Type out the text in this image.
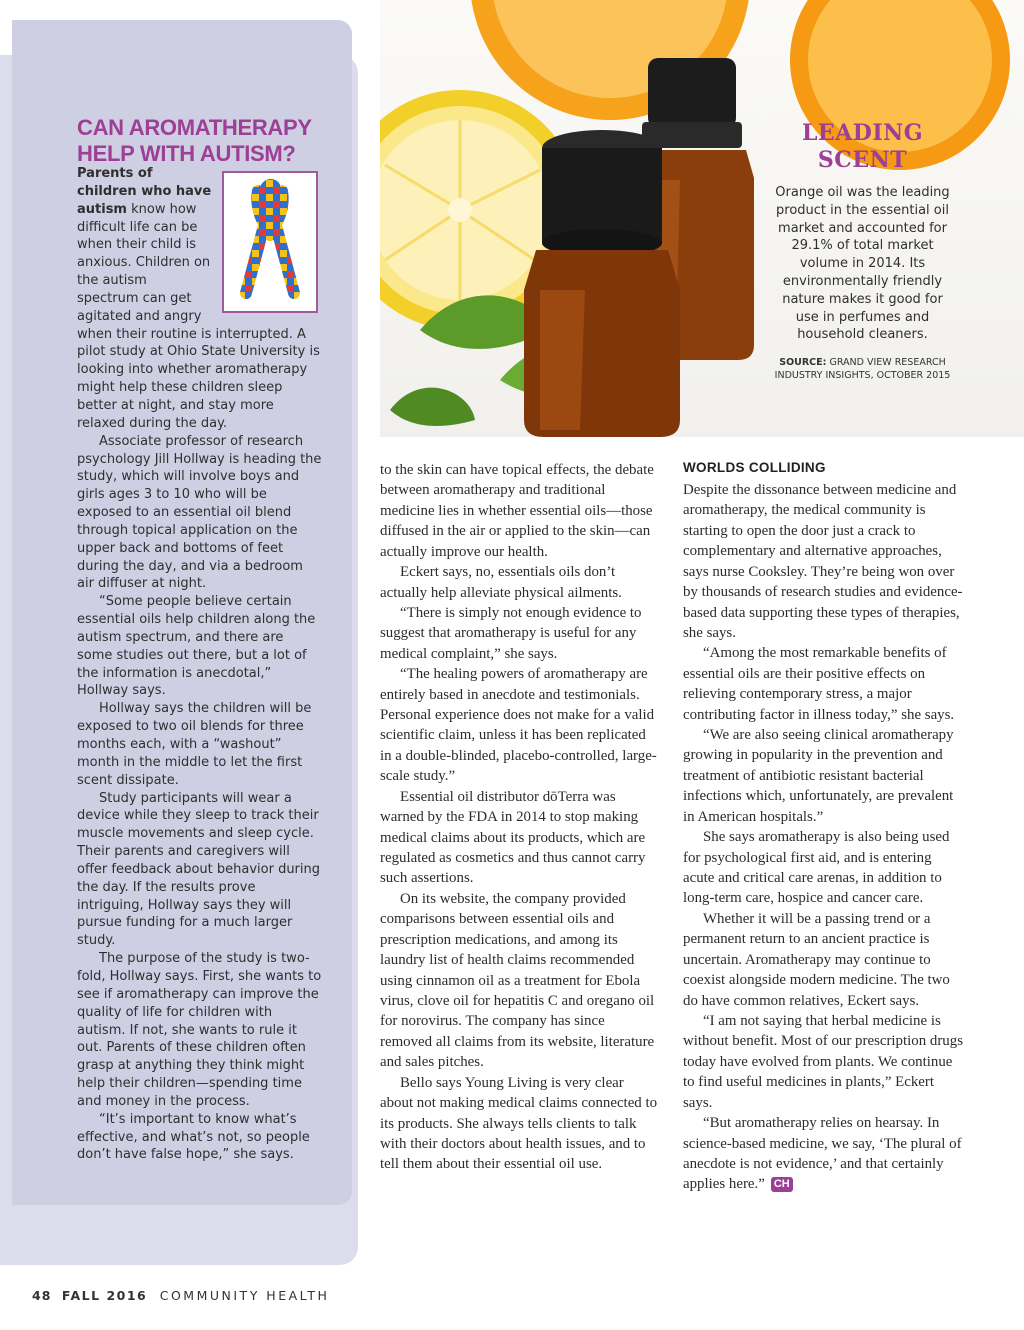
CAN AROMATHERAPY HELP WITH AUTISM?

Parents of children who have autism know how difficult life can be when their child is anxious. Children on the autism spectrum can get agitated and angry when their routine is interrupted. A pilot study at Ohio State University is looking into whether aromatherapy might help these children sleep better at night, and stay more relaxed during the day.

Associate professor of research psychology Jill Hollway is heading the study, which will involve boys and girls ages 3 to 10 who will be exposed to an essential oil blend through topical application on the upper back and bottoms of feet during the day, and via a bedroom air diffuser at night.

“Some people believe certain essential oils help children along the autism spectrum, and there are some studies out there, but a lot of the information is anecdotal,” Hollway says.

Hollway says the children will be exposed to two oil blends for three months each, with a “washout” month in the middle to let the first scent dissipate.

Study participants will wear a device while they sleep to track their muscle movements and sleep cycle. Their parents and caregivers will offer feedback about behavior during the day. If the results prove intriguing, Hollway says they will pursue funding for a much larger study.

The purpose of the study is two-fold, Hollway says. First, she wants to see if aromatherapy can improve the quality of life for children with autism. If not, she wants to rule it out. Parents of these children often grasp at anything they think might help their children—spending time and money in the process.

“It’s important to know what’s effective, and what’s not, so people don’t have false hope,” she says.

LEADING SCENT

Orange oil was the leading product in the essential oil market and accounted for 29.1% of total market volume in 2014. Its environmentally friendly nature makes it good for use in perfumes and household cleaners.

SOURCE: GRAND VIEW RESEARCH INDUSTRY INSIGHTS, OCTOBER 2015

to the skin can have topical effects, the debate between aromatherapy and traditional medicine lies in whether essential oils—those diffused in the air or applied to the skin—can actually improve our health.

Eckert says, no, essentials oils don’t actually help alleviate physical ailments.

“There is simply not enough evidence to suggest that aromatherapy is useful for any medical complaint,” she says.

“The healing powers of aromatherapy are entirely based in anecdote and testimonials. Personal experience does not make for a valid scientific claim, unless it has been replicated in a double-blinded, placebo-controlled, large-scale study.”

Essential oil distributor dōTerra was warned by the FDA in 2014 to stop making medical claims about its products, which are regulated as cosmetics and thus cannot carry such assertions.

On its website, the company provided comparisons between essential oils and prescription medications, and among its laundry list of health claims recommended using cinnamon oil as a treatment for Ebola virus, clove oil for hepatitis C and oregano oil for norovirus. The company has since removed all claims from its website, literature and sales pitches.

Bello says Young Living is very clear about not making medical claims connected to its products. She always tells clients to talk with their doctors about health issues, and to tell them about their essential oil use.

WORLDS COLLIDING

Despite the dissonance between medicine and aromatherapy, the medical community is starting to open the door just a crack to complementary and alternative approaches, says nurse Cooksley. They’re being won over by thousands of research studies and evidence-based data supporting these types of therapies, she says.

“Among the most remarkable benefits of essential oils are their positive effects on relieving contemporary stress, a major contributing factor in illness today,” she says.

“We are also seeing clinical aromatherapy growing in popularity in the prevention and treatment of antibiotic resistant bacterial infections which, unfortunately, are prevalent in American hospitals.”

She says aromatherapy is also being used for psychological first aid, and is entering acute and critical care arenas, in addition to long-term care, hospice and cancer care.

Whether it will be a passing trend or a permanent return to an ancient practice is uncertain. Aromatherapy may continue to coexist alongside modern medicine. The two do have common relatives, Eckert says.

“I am not saying that herbal medicine is without benefit. Most of our prescription drugs today have evolved from plants. We continue to find useful medicines in plants,” Eckert says.

“But aromatherapy relies on hearsay. In science-based medicine, we say, ‘The plural of anecdote is not evidence,’ and that certainly applies here.” CH

48 FALL 2016 COMMUNITY HEALTH
